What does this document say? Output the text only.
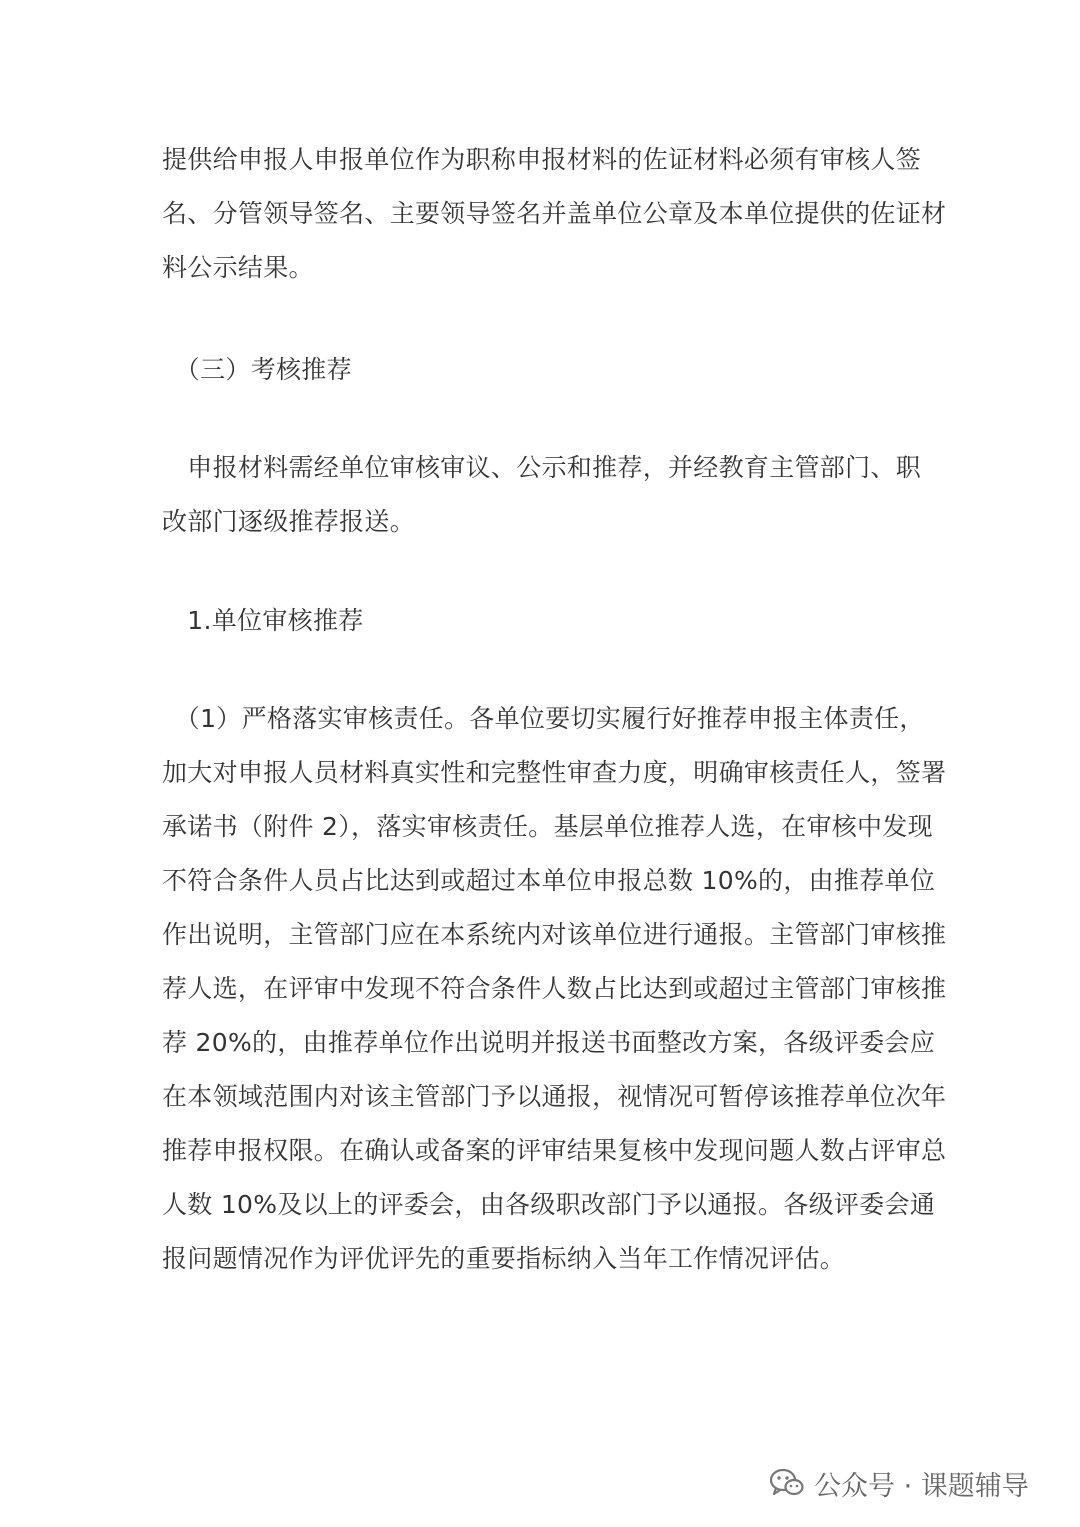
提供给申报人申报单位作为职称申报材料的佐证材料必须有审核人签
名、分管领导签名、主要领导签名并盖单位公章及本单位提供的佐证材
料公示结果。

　（三）考核推荐

　申报材料需经单位审核审议、公示和推荐，并经教育主管部门、职
改部门逐级推荐报送。

　1.单位审核推荐

　（1）严格落实审核责任。各单位要切实履行好推荐申报主体责任，
加大对申报人员材料真实性和完整性审查力度，明确审核责任人，签署
承诺书（附件 2），落实审核责任。基层单位推荐人选，在审核中发现
不符合条件人员占比达到或超过本单位申报总数 10%的，由推荐单位
作出说明，主管部门应在本系统内对该单位进行通报。主管部门审核推
荐人选，在评审中发现不符合条件人数占比达到或超过主管部门审核推
荐 20%的，由推荐单位作出说明并报送书面整改方案，各级评委会应
在本领域范围内对该主管部门予以通报，视情况可暂停该推荐单位次年
推荐申报权限。在确认或备案的评审结果复核中发现问题人数占评审总
人数 10%及以上的评委会，由各级职改部门予以通报。各级评委会通
报问题情况作为评优评先的重要指标纳入当年工作情况评估。

公众号 · 课题辅导
